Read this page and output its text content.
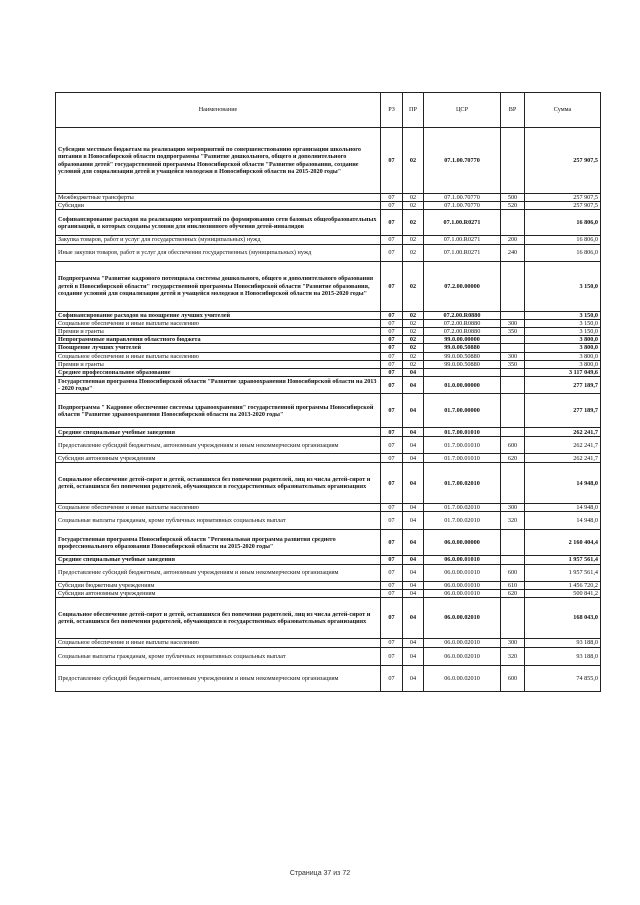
Наименование	РЗ	ПР	ЦСР	ВР	Сумма
Субсидии местным бюджетам на реализацию мероприятий по совершенствованию организации школьного питания в Новосибирской области подпрограммы "Развитие дошкольного, общего и дополнительного образования детей" государственной программы Новосибирской области "Развитие образования, создание условий для социализации детей и учащейся молодежи в Новосибирской области на 2015-2020 годы"	07	02	07.1.00.70770		257 907,5
Межбюджетные трансферты	07	02	07.1.00.70770	500	257 907,5
Субсидии	07	02	07.1.00.70770	520	257 907,5
Софинансирование расходов на реализацию мероприятий по формированию сети базовых общеобразовательных организаций, в которых созданы условия для инклюзивного обучения детей-инвалидов	07	02	07.1.00.R0271		16 806,0
Закупка товаров, работ и услуг для государственных (муниципальных) нужд	07	02	07.1.00.R0271	200	16 806,0
Иные закупки товаров, работ и услуг для обеспечения государственных (муниципальных) нужд	07	02	07.1.00.R0271	240	16 806,0
Подпрограмма "Развитие кадрового потенциала системы дошкольного, общего и дополнительного образования детей в Новосибирской области" государственной программы Новосибирской области "Развитие образования, создание условий для социализации детей и учащейся молодежи в Новосибирской области на 2015-2020 годы"	07	02	07.2.00.00000		3 150,0
Софинансирование расходов на поощрение лучших учителей	07	02	07.2.00.R0880		3 150,0
Социальное обеспечение и иные выплаты населению	07	02	07.2.00.R0880	300	3 150,0
Премии и гранты	07	02	07.2.00.R0880	350	3 150,0
Непрограммные направления областного бюджета	07	02	99.0.00.00000		3 800,0
Поощрение лучших учителей	07	02	99.0.00.50880		3 800,0
Социальное обеспечение и иные выплаты населению	07	02	99.0.00.50880	300	3 800,0
Премии и гранты	07	02	99.0.00.50880	350	3 800,0
Среднее профессиональное образование	07	04			3 117 049,6
Государственная программа Новосибирской области "Развитие здравоохранения Новосибирской области на 2013 - 2020 годы"	07	04	01.0.00.00000		277 189,7
Подпрограмма " Кадровое обеспечение системы здравоохранения" государственной программы Новосибирской области "Развитие здравоохранения Новосибирской области на 2013-2020 годы"	07	04	01.7.00.00000		277 189,7
Средние специальные учебные заведения	07	04	01.7.00.01010		262 241,7
Предоставление субсидий бюджетным, автономным учреждениям и иным некоммерческим организациям	07	04	01.7.00.01010	600	262 241,7
Субсидии автономным учреждениям	07	04	01.7.00.01010	620	262 241,7
Социальное обеспечение детей-сирот и детей, оставшихся без попечения родителей, лиц из числа детей-сирот и детей, оставшихся без попечения родителей, обучающихся в государственных образовательных организациях	07	04	01.7.00.02010		14 948,0
Социальное обеспечение и иные выплаты населению	07	04	01.7.00.02010	300	14 948,0
Социальные выплаты гражданам, кроме публичных нормативных социальных выплат	07	04	01.7.00.02010	320	14 948,0
Государственная программа Новосибирской области "Региональная программа развития среднего профессионального образования Новосибирской области на 2015-2020 годы"	07	04	06.0.00.00000		2 160 404,4
Средние специальные учебные заведения	07	04	06.0.00.01010		1 957 561,4
Предоставление субсидий бюджетным, автономным учреждениям и иным некоммерческим организациям	07	04	06.0.00.01010	600	1 957 561,4
Субсидии бюджетным учреждениям	07	04	06.0.00.01010	610	1 456 720,2
Субсидии автономным учреждениям	07	04	06.0.00.01010	620	500 841,2
Социальное обеспечение детей-сирот и детей, оставшихся без попечения родителей, лиц из числа детей-сирот и детей, оставшихся без попечения родителей, обучающихся в государственных образовательных организациях	07	04	06.0.00.02010		168 043,0
Социальное обеспечение и иные выплаты населению	07	04	06.0.00.02010	300	93 188,0
Социальные выплаты гражданам, кроме публичных нормативных социальных выплат	07	04	06.0.00.02010	320	93 188,0
Предоставление субсидий бюджетным, автономным учреждениям и иным некоммерческим организациям	07	04	06.0.00.02010	600	74 855,0
Страница 37 из 72
